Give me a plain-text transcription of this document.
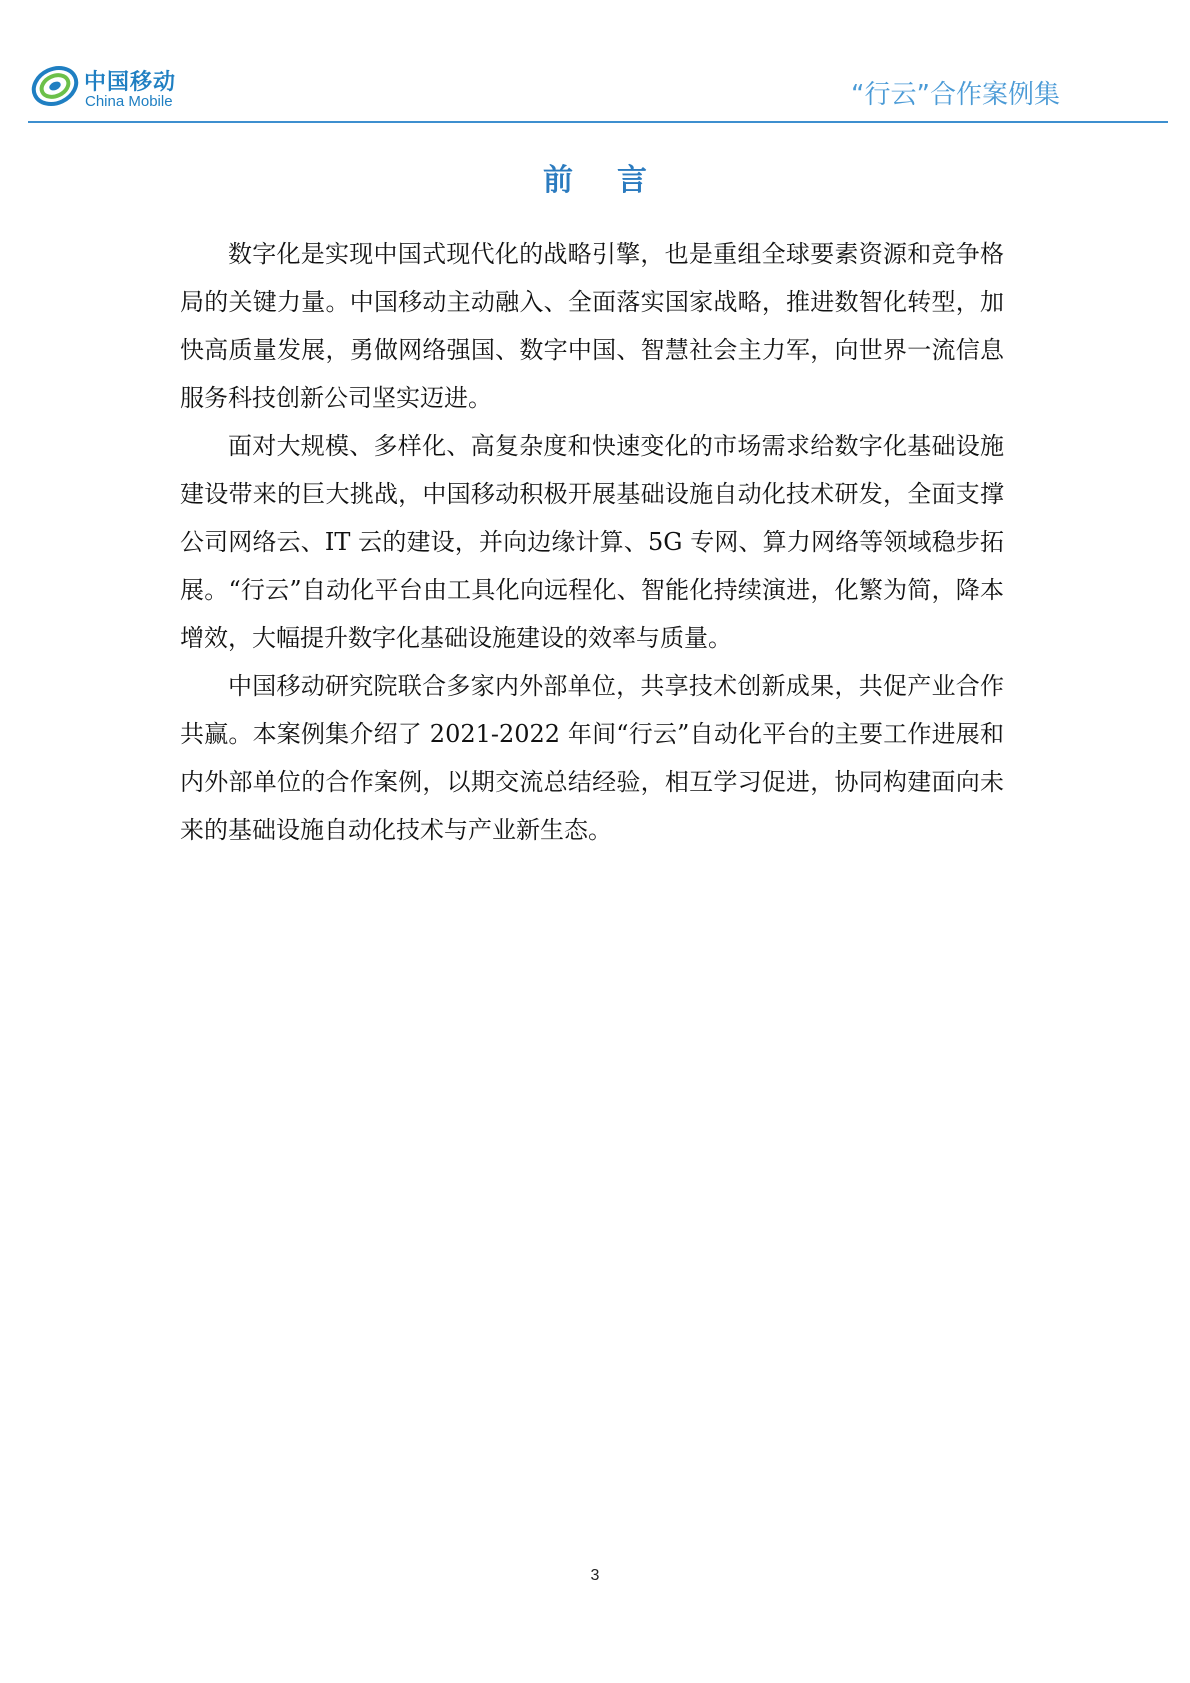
中国移动
China Mobile	“行云”合作案例集
前言

数字化是实现中国式现代化的战略引擎，也是重组全球要素资源和竞争格局的关键力量。中国移动主动融入、全面落实国家战略，推进数智化转型，加快高质量发展，勇做网络强国、数字中国、智慧社会主力军，向世界一流信息服务科技创新公司坚实迈进。

面对大规模、多样化、高复杂度和快速变化的市场需求给数字化基础设施建设带来的巨大挑战，中国移动积极开展基础设施自动化技术研发，全面支撑公司网络云、IT 云的建设，并向边缘计算、5G 专网、算力网络等领域稳步拓展。“行云”自动化平台由工具化向远程化、智能化持续演进，化繁为简，降本增效，大幅提升数字化基础设施建设的效率与质量。

中国移动研究院联合多家内外部单位，共享技术创新成果，共促产业合作共赢。本案例集介绍了 2021-2022 年间“行云”自动化平台的主要工作进展和内外部单位的合作案例，以期交流总结经验，相互学习促进，协同构建面向未来的基础设施自动化技术与产业新生态。

3
